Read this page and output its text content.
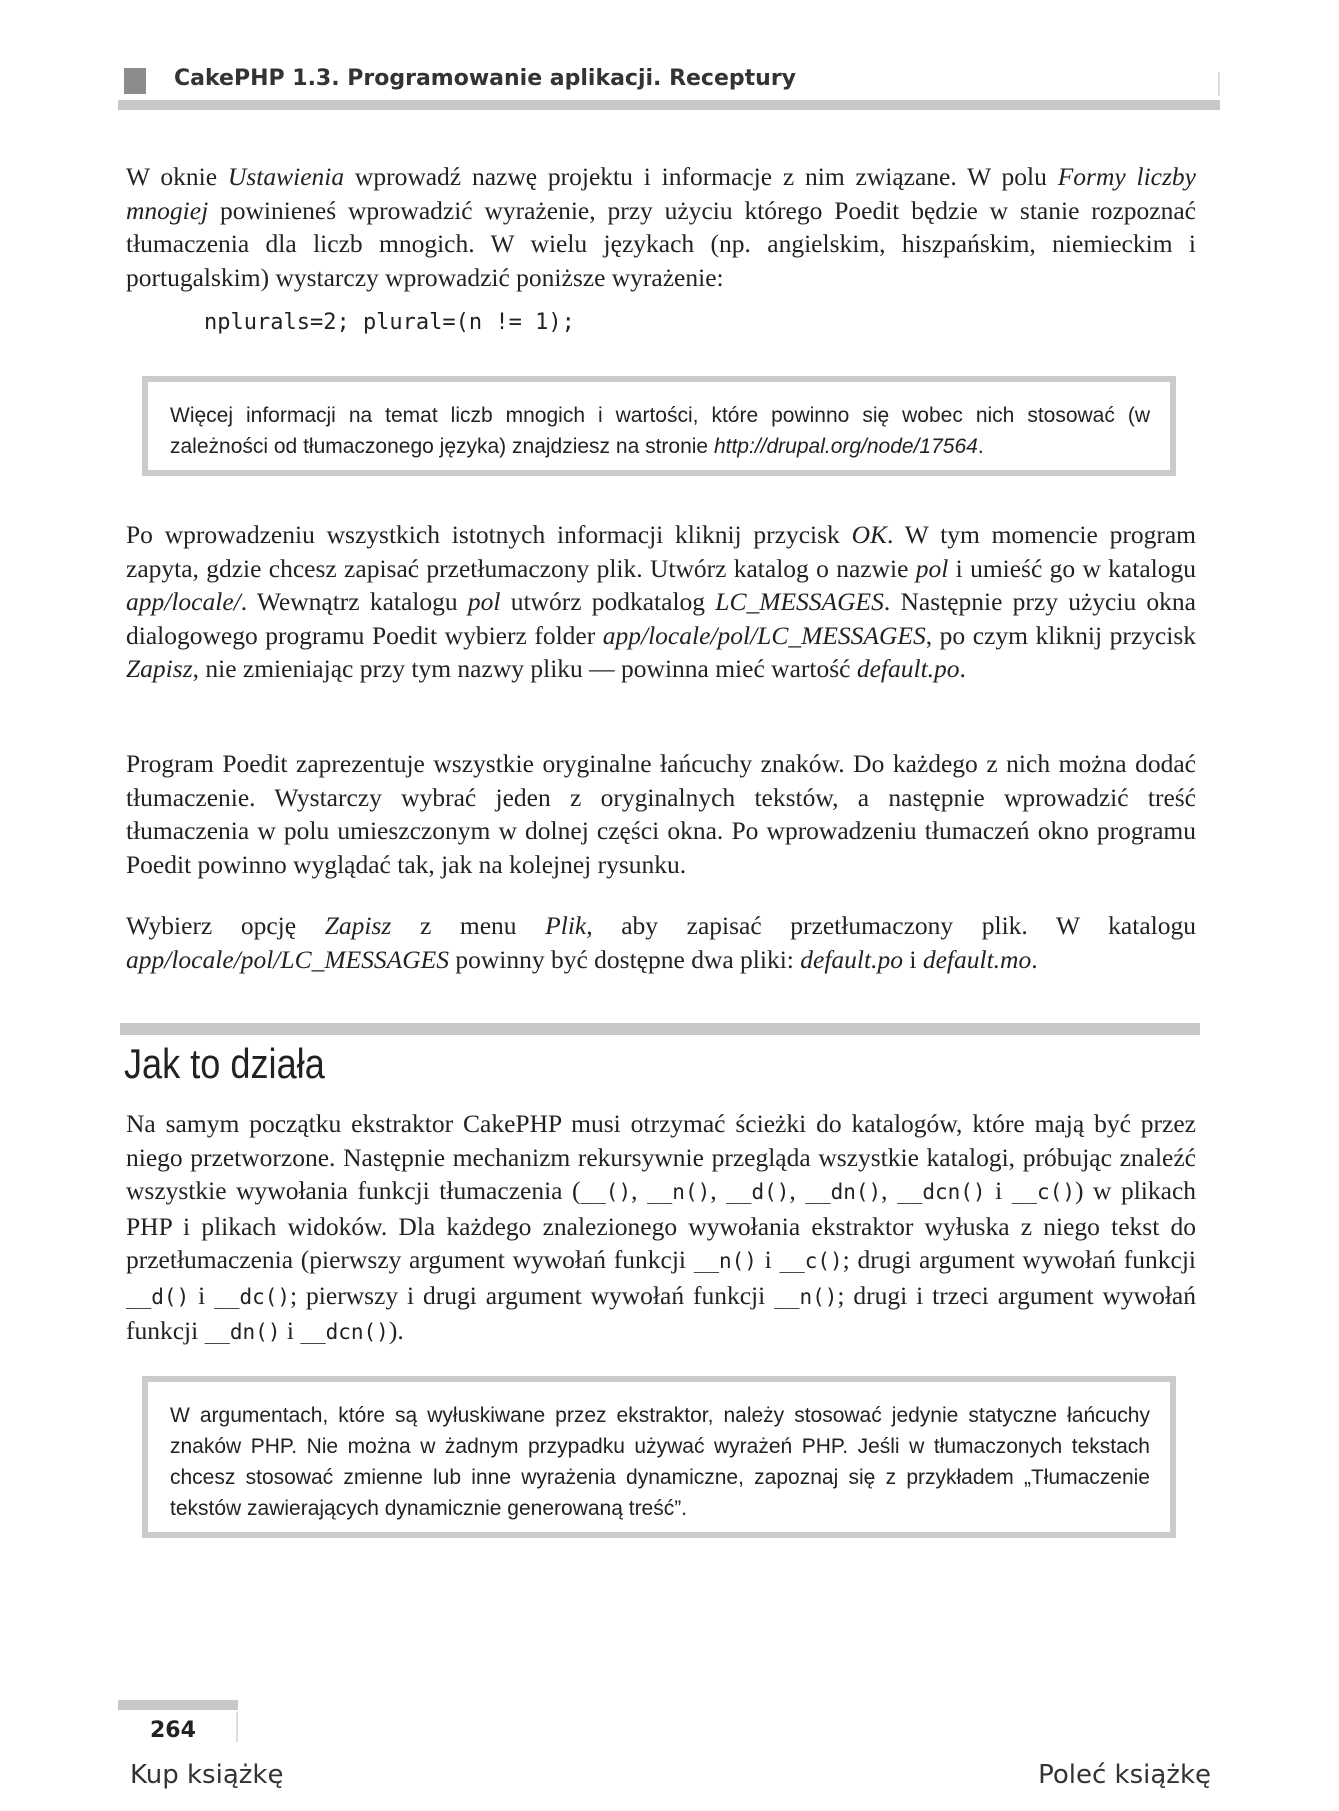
CakePHP 1.3. Programowanie aplikacji. Receptury

W oknie Ustawienia wprowadź nazwę projektu i informacje z nim związane. W polu Formy liczby mnogiej powinieneś wprowadzić wyrażenie, przy użyciu którego Poedit będzie w stanie rozpoznać tłumaczenia dla liczb mnogich. W wielu językach (np. angielskim, hiszpańskim, niemieckim i portugalskim) wystarczy wprowadzić poniższe wyrażenie:

nplurals=2; plural=(n != 1);
Więcej informacji na temat liczb mnogich i wartości, które powinno się wobec nich stosować (w zależności od tłumaczonego języka) znajdziesz na stronie http://drupal.org/node/17564.

Po wprowadzeniu wszystkich istotnych informacji kliknij przycisk OK. W tym momencie program zapyta, gdzie chcesz zapisać przetłumaczony plik. Utwórz katalog o nazwie pol i umieść go w katalogu app/locale/. Wewnątrz katalogu pol utwórz podkatalog LC_MESSAGES. Następnie przy użyciu okna dialogowego programu Poedit wybierz folder app/locale/pol/LC_MESSAGES, po czym kliknij przycisk Zapisz, nie zmieniając przy tym nazwy pliku — powinna mieć wartość default.po.

Program Poedit zaprezentuje wszystkie oryginalne łańcuchy znaków. Do każdego z nich można dodać tłumaczenie. Wystarczy wybrać jeden z oryginalnych tekstów, a następnie wprowadzić treść tłumaczenia w polu umieszczonym w dolnej części okna. Po wprowadzeniu tłumaczeń okno programu Poedit powinno wyglądać tak, jak na kolejnej rysunku.

Wybierz opcję Zapisz z menu Plik, aby zapisać przetłumaczony plik. W katalogu app/locale/pol/LC_MESSAGES powinny być dostępne dwa pliki: default.po i default.mo.

Jak to działa

Na samym początku ekstraktor CakePHP musi otrzymać ścieżki do katalogów, które mają być przez niego przetworzone. Następnie mechanizm rekursywnie przegląda wszystkie katalogi, próbując znaleźć wszystkie wywołania funkcji tłumaczenia (__(), __n(), __d(), __dn(), __dcn() i __c()) w plikach PHP i plikach widoków. Dla każdego znalezionego wywołania ekstraktor wyłuska z niego tekst do przetłumaczenia (pierwszy argument wywołań funkcji __n() i __c(); drugi argument wywołań funkcji __d() i __dc(); pierwszy i drugi argument wywołań funkcji __n(); drugi i trzeci argument wywołań funkcji __dn() i __dcn()).

W argumentach, które są wyłuskiwane przez ekstraktor, należy stosować jedynie statyczne łańcuchy znaków PHP. Nie można w żadnym przypadku używać wyrażeń PHP. Jeśli w tłumaczonych tekstach chcesz stosować zmienne lub inne wyrażenia dynamiczne, zapoznaj się z przykładem „Tłumaczenie tekstów zawierających dynamicznie generowaną treść”.
264
Kup książkę	Poleć książkę
